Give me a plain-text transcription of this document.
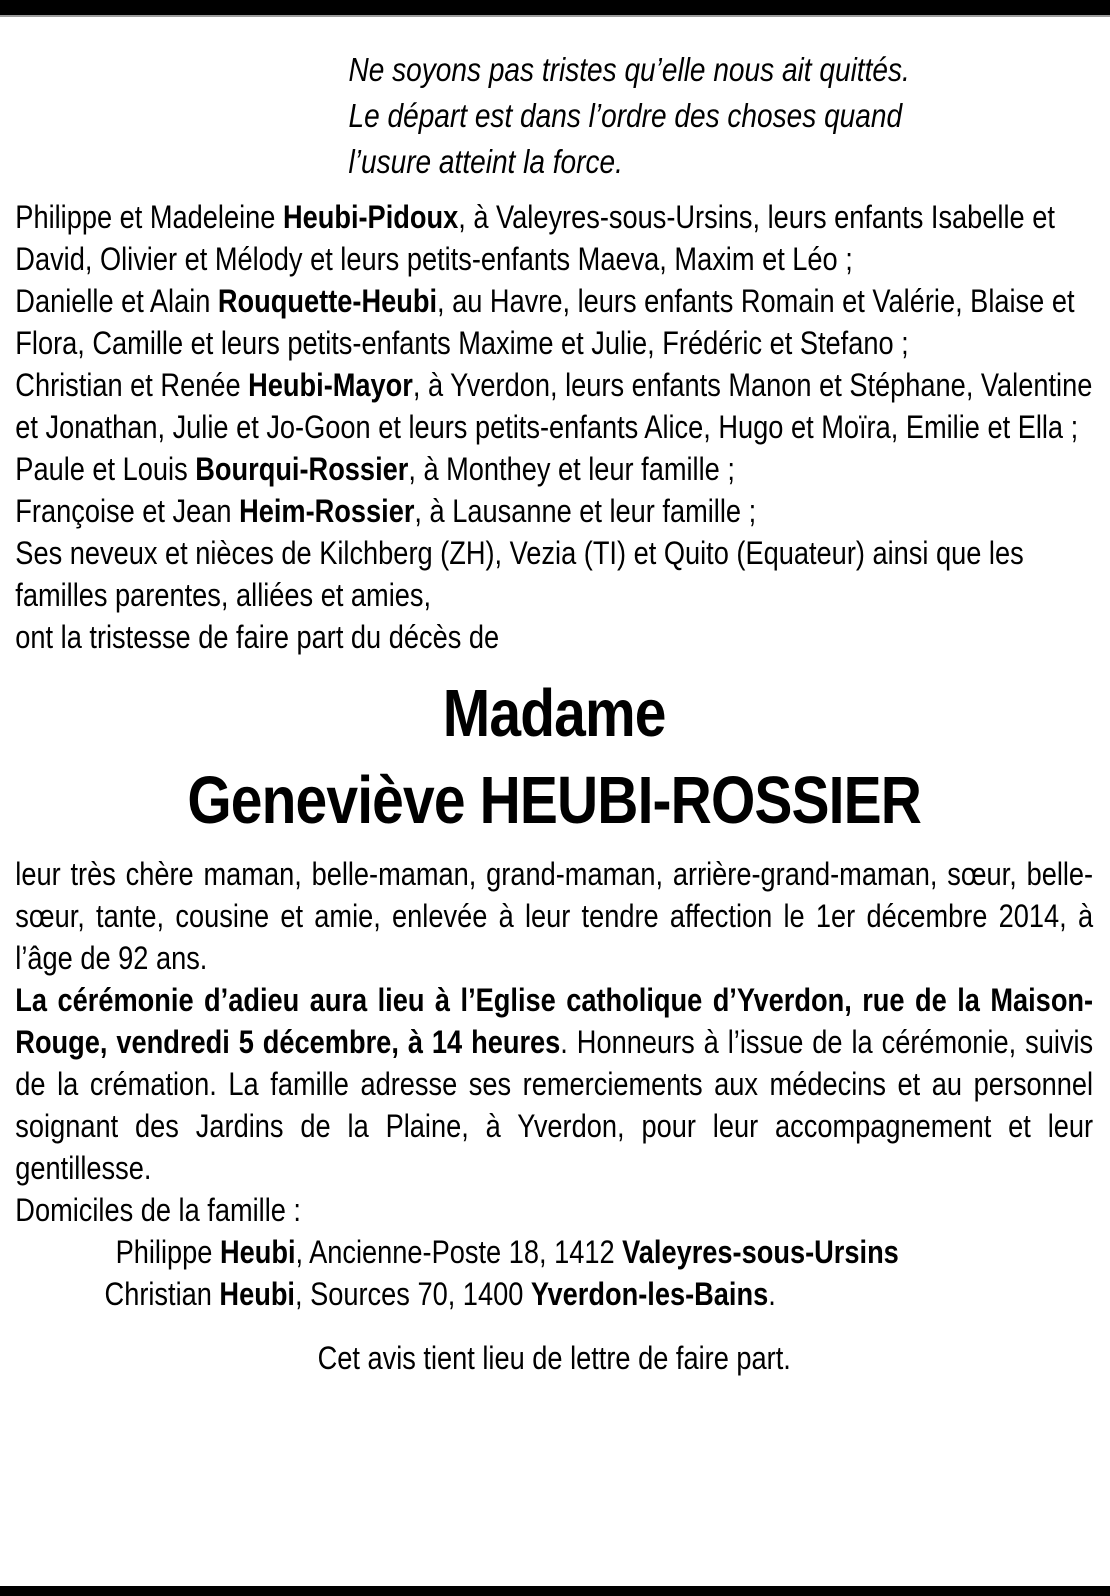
Ne soyons pas tristes qu’elle nous ait quittés.
Le départ est dans l’ordre des choses quand
l’usure atteint la force.

Philippe et Madeleine Heubi-Pidoux, à Valeyres-sous-Ursins, leurs enfants Isabelle et David, Olivier et Mélody et leurs petits-enfants Maeva, Maxim et Léo ;

Danielle et Alain Rouquette-Heubi, au Havre, leurs enfants Romain et Valérie, Blaise et Flora, Camille et leurs petits-enfants Maxime et Julie, Frédéric et Stefano ;

Christian et Renée Heubi-Mayor, à Yverdon, leurs enfants Manon et Stéphane, Valentine et Jonathan, Julie et Jo-Goon et leurs petits-enfants Alice, Hugo et Moïra, Emilie et Ella ;

Paule et Louis Bourqui-Rossier, à Monthey et leur famille ;

Françoise et Jean Heim-Rossier, à Lausanne et leur famille ;

Ses neveux et nièces de Kilchberg (ZH), Vezia (TI) et Quito (Equateur) ainsi que les familles parentes, alliées et amies,

ont la tristesse de faire part du décès de

Madame
Geneviève HEUBI-ROSSIER

leur très chère maman, belle-maman, grand-maman, arrière-grand-maman, sœur, belle-sœur, tante, cousine et amie, enlevée à leur tendre affection le 1er décembre 2014, à l’âge de 92 ans.

La cérémonie d’adieu aura lieu à l’Eglise catholique d’Yverdon, rue de la Maison-Rouge, vendredi 5 décembre, à 14 heures. Honneurs à l’issue de la cérémonie, suivis de la crémation. La famille adresse ses remerciements aux médecins et au personnel soignant des Jardins de la Plaine, à Yverdon, pour leur accompagnement et leur gentillesse.

Domiciles de la famille :

Philippe Heubi, Ancienne-Poste 18, 1412 Valeyres-sous-Ursins

Christian Heubi, Sources 70, 1400 Yverdon-les-Bains.

Cet avis tient lieu de lettre de faire part.
